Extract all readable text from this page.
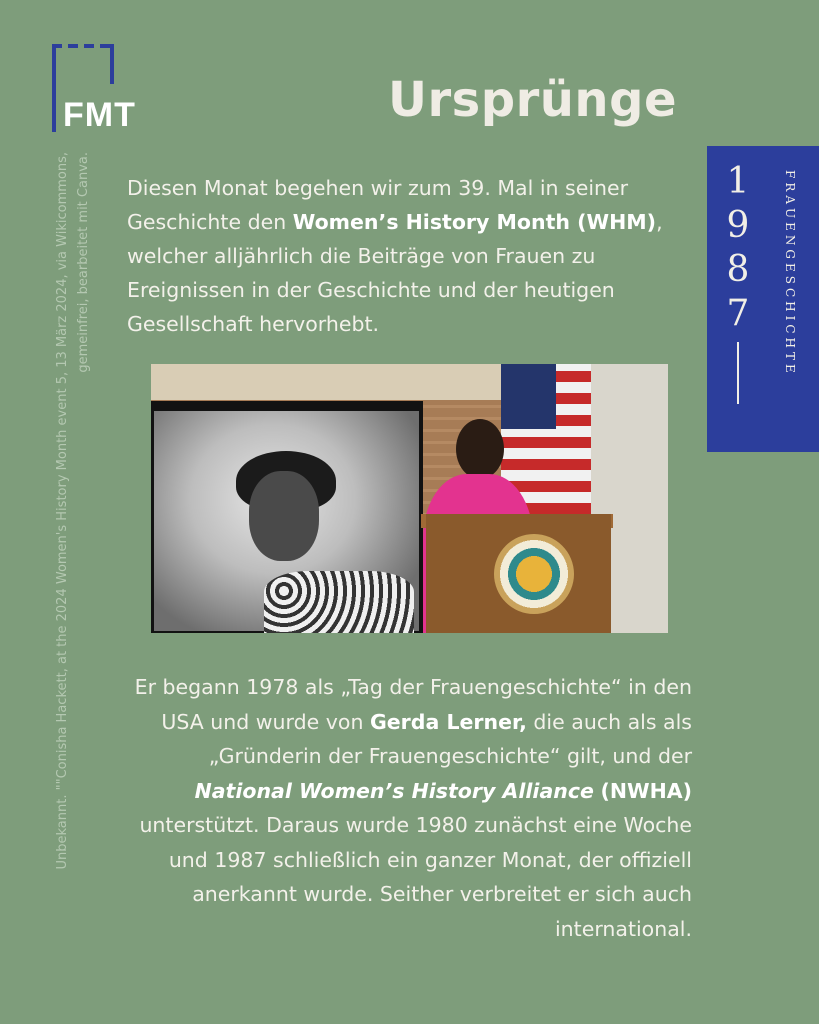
FMT	Ursprünge
Unbekannt. ""Conisha Hackett, at the 2024 Women's History Month event 5, 13 März 2024, via Wikicommons, gemeinfrei, bearbeitet mit Canva. Diesen Monat begehen wir zum 39. Mal in seiner Geschichte den Women’s History Month (WHM), welcher alljährlich die Beiträge von Frauen zu Ereignissen in der Geschichte und der heutigen Gesellschaft hervorhebt.
Er begann 1978 als „Tag der Frauengeschichte“ in den USA und wurde von Gerda Lerner, die auch als als „Gründerin der Frauengeschichte“ gilt, und der National Women’s History Alliance (NWHA) unterstützt. Daraus wurde 1980 zunächst eine Woche und 1987 schließlich ein ganzer Monat, der offiziell anerkannt wurde. Seither verbreitet er sich auch international.
1
9
8
7	FRAUENGESCHICHTE
